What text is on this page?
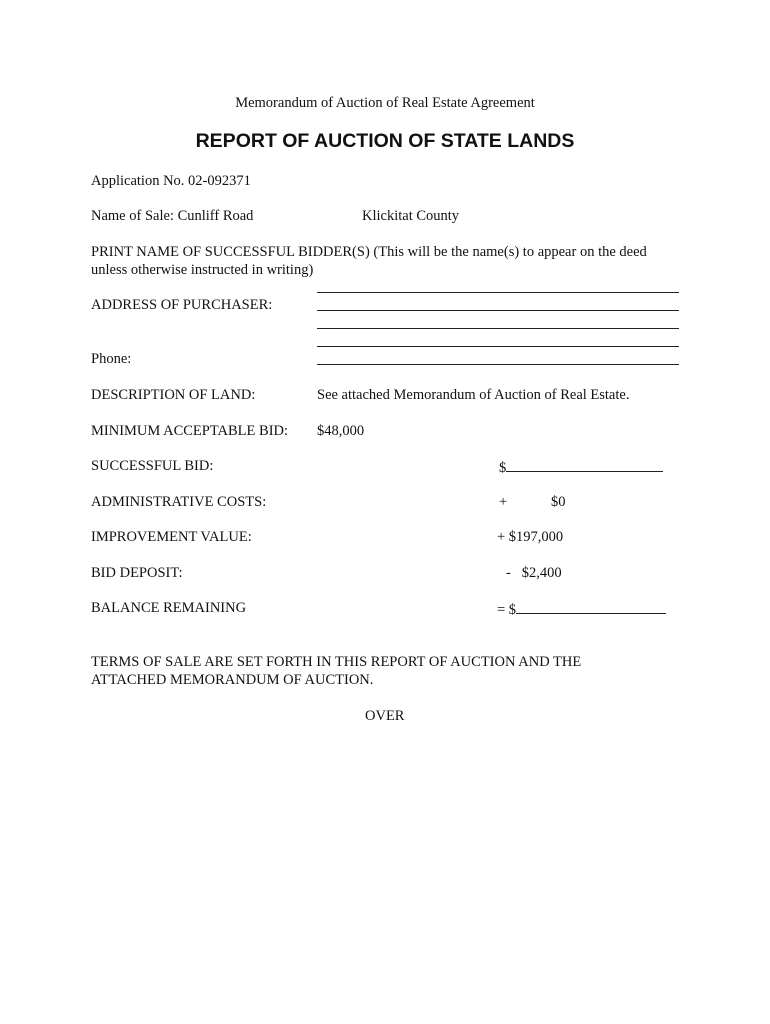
Memorandum of Auction of Real Estate Agreement
REPORT OF AUCTION OF STATE LANDS
Application No. 02-092371
Name of Sale: Cunliff Road	Klickitat County
PRINT NAME OF SUCCESSFUL BIDDER(S) (This will be the name(s) to appear on the deed
unless otherwise instructed in writing)
ADDRESS OF PURCHASER:
Phone:
DESCRIPTION OF LAND:	See attached Memorandum of Auction of Real Estate.
MINIMUM ACCEPTABLE BID: $48,000
SUCCESSFUL BID:	$
ADMINISTRATIVE COSTS:	+	$0
IMPROVEMENT VALUE:	+ $197,000
BID DEPOSIT:	-   $2,400
BALANCE REMAINING	= $
TERMS OF SALE ARE SET FORTH IN THIS REPORT OF AUCTION AND THE
ATTACHED MEMORANDUM OF AUCTION.
OVER
